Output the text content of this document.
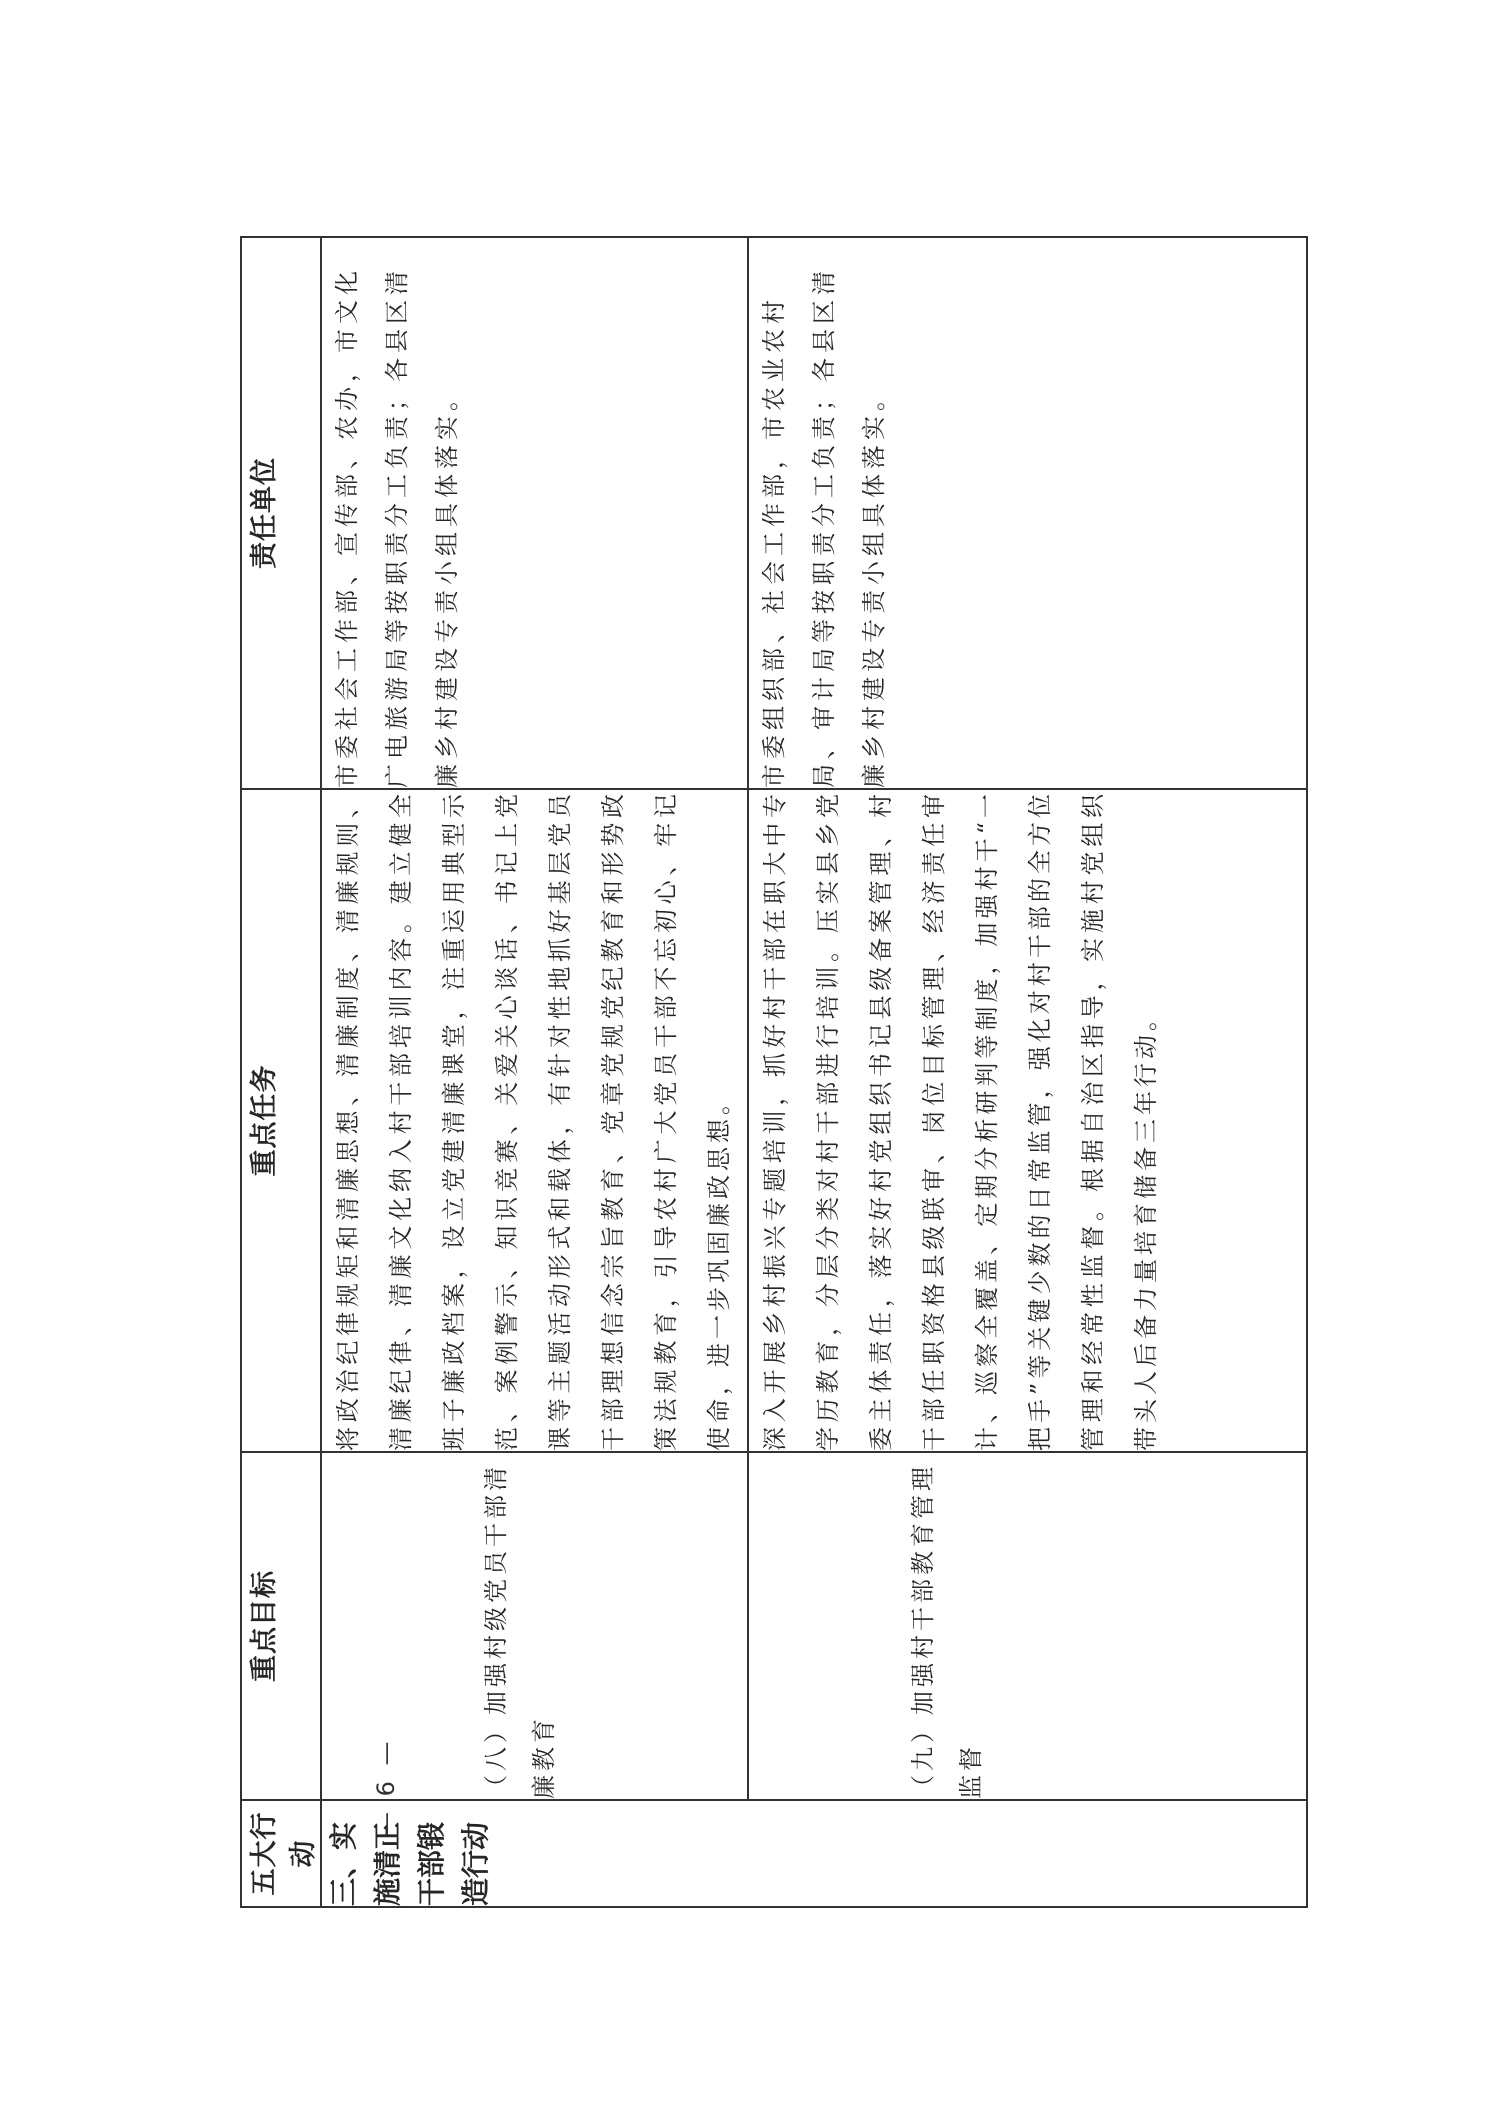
五大行动	重点目标	重点任务	责任单位
三、实施清正干部锻造行动	（八）加强村级党员干部清廉教育	将政治纪律规矩和清廉思想、清廉制度、清廉规则、清廉纪律、清廉文化纳入村干部培训内容。建立健全班子廉政档案，设立党建清廉课堂，注重运用典型示范、案例警示、知识竞赛、关爱关心谈话、书记上党课等主题活动形式和载体，有针对性地抓好基层党员干部理想信念宗旨教育、党章党规党纪教育和形势政策法规教育，引导农村广大党员干部不忘初心、牢记使命，进一步巩固廉政思想。	市委社会工作部、宣传部、农办，市文化广电旅游局等按职责分工负责；各县区清廉乡村建设专责小组具体落实。
	（九）加强村干部教育管理监督	深入开展乡村振兴专题培训，抓好村干部在职大中专学历教育，分层分类对村干部进行培训。压实县乡党委主体责任，落实好村党组织书记县级备案管理、村干部任职资格县级联审、岗位目标管理、经济责任审计、巡察全覆盖、定期分析研判等制度，加强村干“一把手”等关键少数的日常监管，强化对村干部的全方位管理和经常性监督。根据自治区指导，实施村党组织带头人后备力量培育储备三年行动。	市委组织部、社会工作部，市农业农村局、审计局等按职责分工负责；各县区清廉乡村建设专责小组具体落实。
— 6 —
